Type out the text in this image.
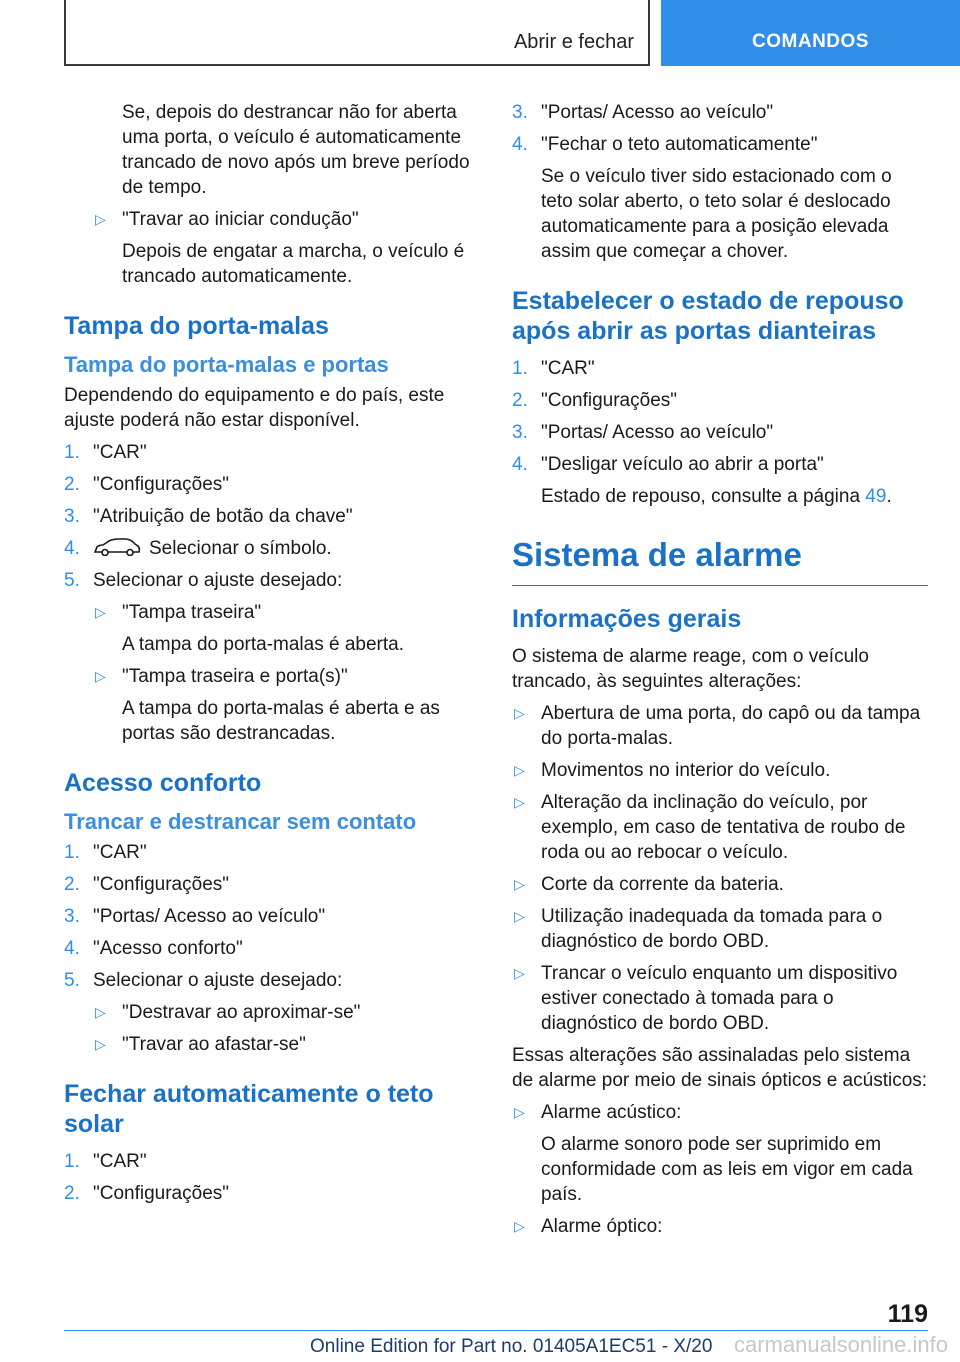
Abrir e fechar	COMANDOS
Se, depois do destrancar não for aberta uma porta, o veículo é automaticamente trancado de novo após um breve período de tempo.
▷ "Travar ao iniciar condução"
Depois de engatar a marcha, o veículo é trancado automaticamente.
Tampa do porta-malas
Tampa do porta-malas e portas
Dependendo do equipamento e do país, este ajuste poderá não estar disponível.
1. "CAR"
2. "Configurações"
3. "Atribuição de botão da chave"
4.	Selecionar o símbolo.
5. Selecionar o ajuste desejado:
▷ "Tampa traseira"
A tampa do porta-malas é aberta.
▷ "Tampa traseira e porta(s)"
A tampa do porta-malas é aberta e as portas são destrancadas.
Acesso conforto
Trancar e destrancar sem contato
1. "CAR"
2. "Configurações"
3. "Portas/ Acesso ao veículo"
4. "Acesso conforto"
5. Selecionar o ajuste desejado:
▷ "Destravar ao aproximar-se"
▷ "Travar ao afastar-se"
Fechar automaticamente o teto solar
1. "CAR"
2. "Configurações"
3. "Portas/ Acesso ao veículo"
4. "Fechar o teto automaticamente"
Se o veículo tiver sido estacionado com o teto solar aberto, o teto solar é deslocado automaticamente para a posição elevada assim que começar a chover.
Estabelecer o estado de repouso após abrir as portas dianteiras
1. "CAR"
2. "Configurações"
3. "Portas/ Acesso ao veículo"
4. "Desligar veículo ao abrir a porta"
Estado de repouso, consulte a página 49.
Sistema de alarme
Informações gerais
O sistema de alarme reage, com o veículo trancado, às seguintes alterações:
▷ Abertura de uma porta, do capô ou da tampa do porta-malas.
▷ Movimentos no interior do veículo.
▷ Alteração da inclinação do veículo, por exemplo, em caso de tentativa de roubo de roda ou ao rebocar o veículo.
▷ Corte da corrente da bateria.
▷ Utilização inadequada da tomada para o diagnóstico de bordo OBD.
▷ Trancar o veículo enquanto um dispositivo estiver conectado à tomada para o diagnóstico de bordo OBD.
Essas alterações são assinaladas pelo sistema de alarme por meio de sinais ópticos e acústicos:
▷ Alarme acústico:
O alarme sonoro pode ser suprimido em conformidade com as leis em vigor em cada país.
▷ Alarme óptico:
119
Online Edition for Part no. 01405A1EC51 - X/20 carmanualsonline.info
